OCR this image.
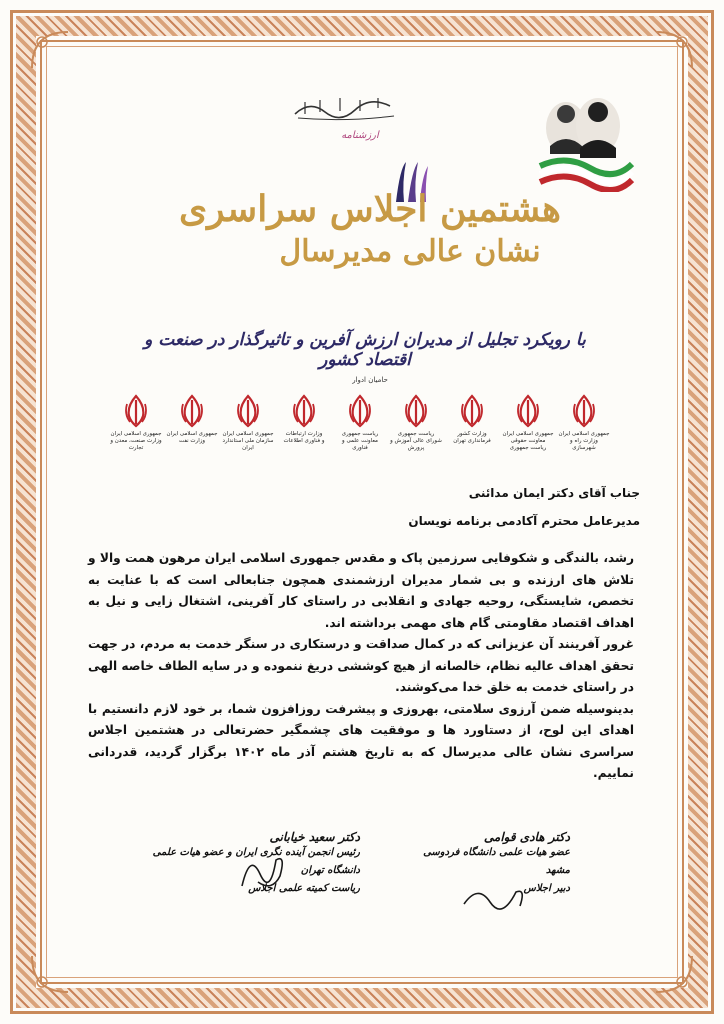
ارزشنامه
هشتمین اجلاس سراسری
نشان عالی مدیرسال
با رویکرد تجلیل از مدیران ارزش آفرین و تاثیرگذار در صنعت و اقتصاد کشور
حامیان ادوار
جمهوری اسلامی ایران
وزارت راه و شهرسازی
جمهوری اسلامی ایران
معاونت حقوقی ریاست جمهوری
وزارت کشور
فرمانداری تهران
ریاست جمهوری
شورای عالی آموزش و پرورش
ریاست جمهوری
معاونت علمی و فناوری
وزارت ارتباطات
و فناوری اطلاعات
جمهوری اسلامی ایران
سازمان ملی استاندارد ایران
جمهوری اسلامی ایران
وزارت نفت
جمهوری اسلامی ایران
وزارت صنعت، معدن و تجارت
جناب آقای دکتر ایمان مدائنی
مدیرعامل محترم آکادمی برنامه نویسان

رشد، بالندگی و شکوفایی سرزمین پاک و مقدس جمهوری اسلامی ایران مرهون همت والا و تلاش های ارزنده و بی شمار مدیران ارزشمندی همچون جنابعالی است که با عنایت به تخصص، شایستگی، روحیه جهادی و انقلابی در راستای کار آفرینی، اشتغال زایی و نیل به اهداف اقتصاد مقاومتی گام های مهمی برداشته اند.

غرور آفرینند آن عزیزانی که در کمال صداقت و درستکاری در سنگر خدمت به مردم، در جهت تحقق اهداف عالیه نظام، خالصانه از هیچ کوششی دریغ ننموده و در سایه الطاف خاصه الهی در راستای خدمت به خلق خدا می‌کوشند.

بدینوسیله ضمن آرزوی سلامتی، بهروزی و پیشرفت روزافزون شما، بر خود لازم دانستیم با اهدای این لوح، از دستاورد ها و موفقیت های چشمگیر حضرتعالی در هشتمین اجلاس سراسری نشان عالی مدیرسال که به تاریخ هشتم آذر ماه ۱۴۰۲ برگزار گردید، قدردانی نماییم.

دکتر سعید خیابانی
رئیس انجمن آینده نگری ایران و عضو هیات علمی دانشگاه تهران
ریاست کمیته علمی اجلاس
دکتر هادی قوامی
عضو هیات علمی دانشگاه فردوسی مشهد
دبیر اجلاس
